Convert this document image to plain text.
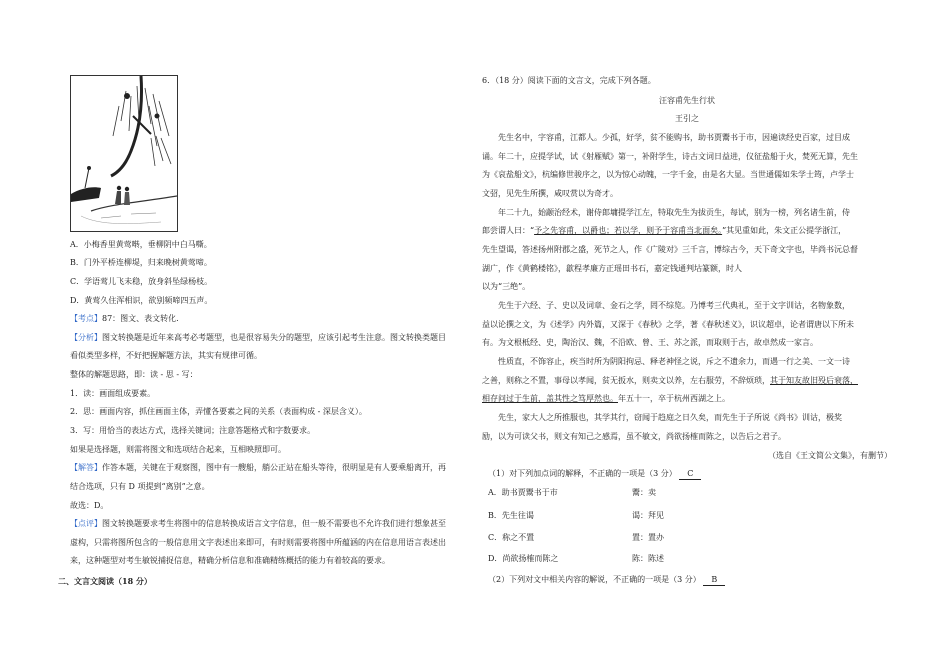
A．小梅香里黄莺啭，垂柳阴中白马嘶。
B．门外平桥连柳堤，归来晚树黄莺啼。
C．学语莺儿飞未稳，放身斜坠绿杨枝。
D．黄莺久住浑相识，欲别频啼四五声。
【考点】87：图文、表文转化.
【分析】图文转换题是近年来高考必考题型，也是很容易失分的题型，应该引起考生注意。图文转换类题目
看似类型多样，不好把握解题方法，其实有规律可循。
整体的解题思路，即：读 - 思 - 写：
1．读：画面组成要素。
2．思：画面内容，抓住画面主体，弄懂各要素之间的关系（表面构成 - 深层含义）。
3．写：用恰当的表达方式，选择关键词；注意答题格式和字数要求。
如果是选择题，则需将图文和选项结合起来，互相映照即可。
【解答】作答本题，关键在于观察图，图中有一艘船，艄公正站在船头等待，很明显是有人要乘船离开，再
结合选项，只有 D 项提到“离别”之意。
故选：D。
【点评】图文转换题要求考生将图中的信息转换成语言文字信息，但一般不需要也不允许我们进行想象甚至
虚构，只需将图所包含的一般信息用文字表述出来即可，有时则需要将图中所蕴涵的内在信息用语言表述出
来，这种题型对考生敏锐捕捉信息，精确分析信息和准确精练概括的能力有着较高的要求。
二、文言文阅读（18 分）
6．（18 分）阅读下面的文言文，完成下列各题。
汪容甫先生行状
王引之
先生名中，字容甫，江都人。少孤，好学，贫不能购书，助书贾鬻书于市，因遍读经史百家，过目成
诵。年二十，应提学试，试《射雁赋》第一，补附学生，诗古文词日益进，仪征盐船于火，焚死无算，先生
为《哀盐船文》，杭编修世骏序之，以为惊心动魄，一字千金，由是名大显。当世通儒如朱学士筠，卢学士
文弨，见先生所撰，咸叹赏以为奇才。
年二十九，始颛治经术，谢侍郎墉提学江左，特取先生为拔贡生，每试，别为一榜，列名诸生前，侍
郎尝谓人曰：“予之先容甫，以爵也；若以学，则予于容甫当北面矣。”其见重如此，朱文正公提学浙江，
先生望谒，答述扬州附郡之盛，死节之人，作《广陵对》三千言，博综古今，天下奇文字也，毕尚书沅总督
湖广，作《黄鹤楼铭》，歙程孝廉方正瑶田书石，嘉定钱通判坫篆额，时人
以为“三绝”。
先生于六经、子、史以及词章、金石之学，罔不综览。乃博考三代典礼，至于文字训诂，名物象数，
益以论撰之文，为《述学》内外篇，又深于《春秋》之学，著《春秋述义》，识议超卓，论者谓唐以下所未
有。为文根柢经、史，陶治汉、魏，不沿欧、曾、王、苏之派，而取则于古，故卓然成一家言。
性质直，不饰容止，疾当时所为阴阳拘忌、释老神怪之说，斥之不遗余力，而遇一行之美、一文一诗
之善，则称之不置，事母以孝闻，贫无扳水，则卖文以养，左右服劳，不辞烦琐，其于知友故旧殁后衰落，
相存问过于生前，盖其性之笃厚然也。年五十一，卒于杭州西湖之上。
先生，家大人之所推服也，其学其行，窃闻于趋庭之日久矣，而先生于子所说《尚书》训诂，极奖
励，以为可读父书，则文有知己之感焉，虽不敏文，尚欲扬榷而陈之，以告后之君子。
（选自《王文简公文集》，有删节）
（1）对下列加点词的解释，不正确的一项是（3 分） C
A．助书贾鬻书于市	鬻：卖
B．先生往谒	谒：拜见
C．称之不置	置：置办
D．尚欲扬榷而陈之	陈：陈述
（2）下列对文中相关内容的解说，不正确的一项是（3 分） B
